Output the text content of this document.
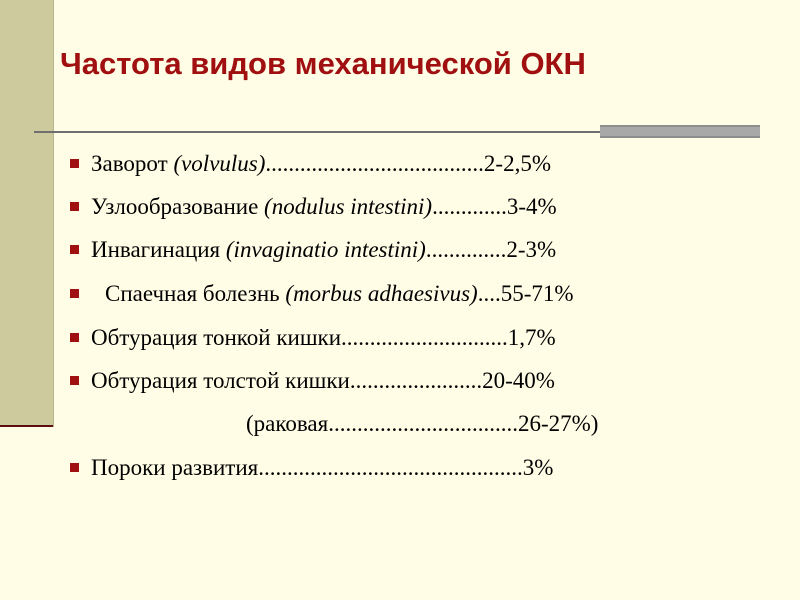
Частота видов механической ОКН
Заворот (volvulus)......................................2-2,5%
Узлообразование (nodulus intestini).............3-4%
Инвагинация (invaginatio intestini)..............2-3%
Спаечная болезнь (morbus adhaesivus)....55-71%
Обтурация тонкой кишки.............................1,7%
Обтурация толстой кишки.......................20-40%
(раковая.................................26-27%)
Пороки развития..............................................3%
